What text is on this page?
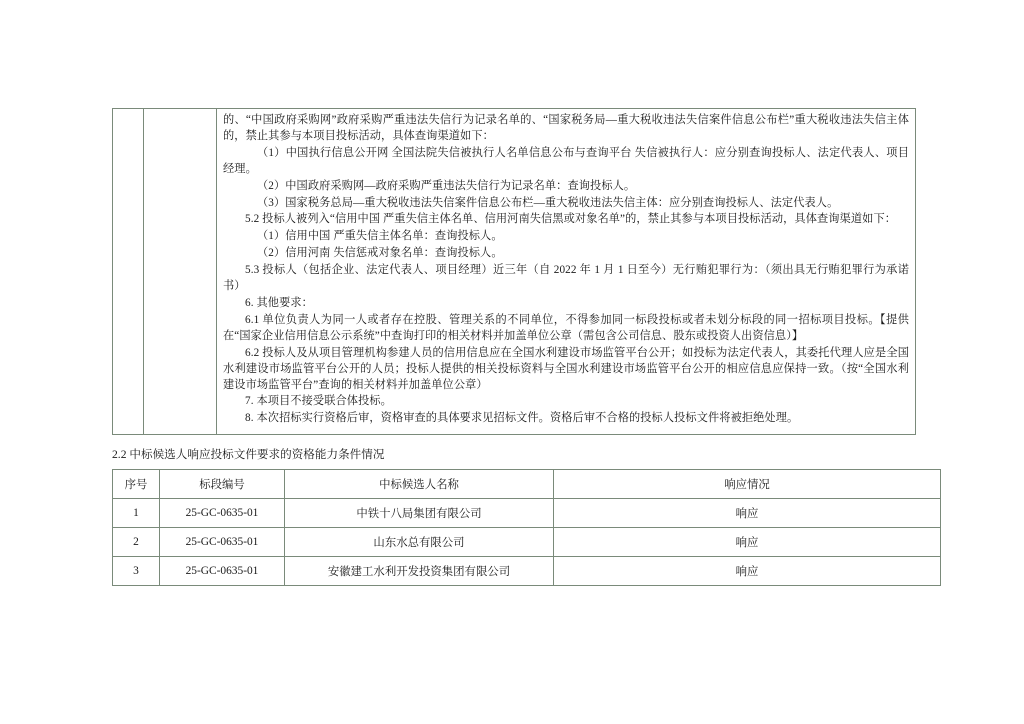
的、“中国政府采购网”政府采购严重违法失信行为记录名单的、“国家税务局—重大税收违法失信案件信息公布栏”重大税收违法失信主体的，禁止其参与本项目投标活动，具体查询渠道如下：

（1）中国执行信息公开网 全国法院失信被执行人名单信息公布与查询平台 失信被执行人：应分别查询投标人、法定代表人、项目经理。

（2）中国政府采购网—政府采购严重违法失信行为记录名单：查询投标人。

（3）国家税务总局—重大税收违法失信案件信息公布栏—重大税收违法失信主体：应分别查询投标人、法定代表人。

5.2 投标人被列入“信用中国 严重失信主体名单、信用河南失信黑或对象名单”的，禁止其参与本项目投标活动，具体查询渠道如下：

（1）信用中国 严重失信主体名单：查询投标人。

（2）信用河南 失信惩戒对象名单：查询投标人。

5.3 投标人（包括企业、法定代表人、项目经理）近三年（自 2022 年 1 月 1 日至今）无行贿犯罪行为：（须出具无行贿犯罪行为承诺书）

6. 其他要求：

6.1 单位负责人为同一人或者存在控股、管理关系的不同单位，不得参加同一标段投标或者未划分标段的同一招标项目投标。【提供在“国家企业信用信息公示系统”中查询打印的相关材料并加盖单位公章（需包含公司信息、股东或投资人出资信息）】

6.2 投标人及从项目管理机构参建人员的信用信息应在全国水利建设市场监管平台公开；如投标为法定代表人，其委托代理人应是全国水利建设市场监管平台公开的人员；投标人提供的相关投标资料与全国水利建设市场监管平台公开的相应信息应保持一致。（按“全国水利建设市场监管平台”查询的相关材料并加盖单位公章）

7. 本项目不接受联合体投标。

8. 本次招标实行资格后审，资格审查的具体要求见招标文件。资格后审不合格的投标人投标文件将被拒绝处理。

2.2 中标候选人响应投标文件要求的资格能力条件情况
序号	标段编号	中标候选人名称	响应情况
1	25-GC-0635-01	中铁十八局集团有限公司	响应
2	25-GC-0635-01	山东水总有限公司	响应
3	25-GC-0635-01	安徽建工水利开发投资集团有限公司	响应
